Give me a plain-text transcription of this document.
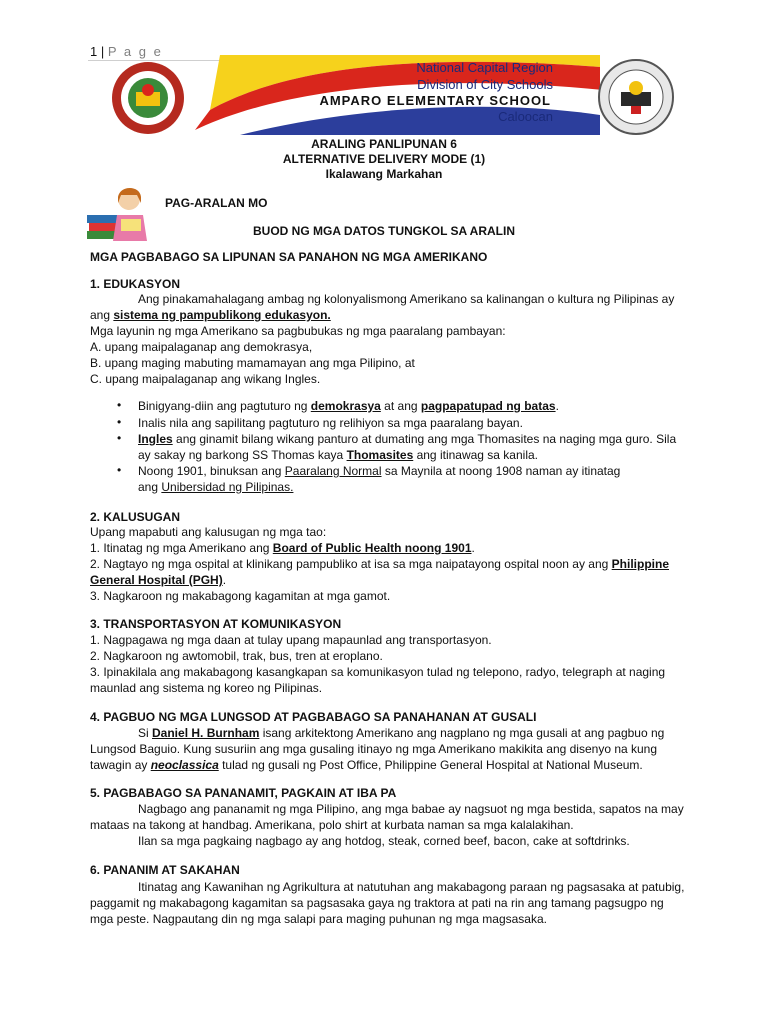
1 | P a g e
National Capital Region
Division of City Schools
AMPARO ELEMENTARY SCHOOL
Caloocan
ARALING PANLIPUNAN 6
ALTERNATIVE DELIVERY MODE (1)
Ikalawang Markahan
PAG-ARALAN MO
BUOD NG MGA DATOS TUNGKOL SA ARALIN
MGA PAGBABAGO SA LIPUNAN SA PANAHON NG MGA AMERIKANO
1. EDUKASYON
Ang pinakamahalagang ambag ng kolonyalismong Amerikano sa kalinangan o kultura ng Pilipinas ay
ang sistema ng pampublikong edukasyon.
Mga layunin ng mga Amerikano sa pagbubukas ng mga paaralang pambayan:
A. upang maipalaganap ang demokrasya,
B. upang maging mabuting mamamayan ang mga Pilipino, at
C. upang maipalaganap ang wikang Ingles.
• Binigyang-diin ang pagtuturo ng demokrasya at ang pagpapatupad ng batas.
• Inalis nila ang sapilitang pagtuturo ng relihiyon sa mga paaralang bayan.
• Ingles ang ginamit bilang wikang panturo at dumating ang mga Thomasites na naging mga guro. Sila
ay sakay ng barkong SS Thomas kaya Thomasites ang itinawag sa kanila.
• Noong 1901, binuksan ang Paaralang Normal sa Maynila at noong 1908 naman ay itinatag
ang Unibersidad ng Pilipinas.
2. KALUSUGAN
Upang mapabuti ang kalusugan ng mga tao:
1. Itinatag ng mga Amerikano ang Board of Public Health noong 1901.
2. Nagtayo ng mga ospital at klinikang pampubliko at isa sa mga naipatayong ospital noon ay ang Philippine
General Hospital (PGH).
3. Nagkaroon ng makabagong kagamitan at mga gamot.
3. TRANSPORTASYON AT KOMUNIKASYON
1. Nagpagawa ng mga daan at tulay upang mapaunlad ang transportasyon.
2. Nagkaroon ng awtomobil, trak, bus, tren at eroplano.
3. Ipinakilala ang makabagong kasangkapan sa komunikasyon tulad ng telepono, radyo, telegraph at naging
maunlad ang sistema ng koreo ng Pilipinas.
4. PAGBUO NG MGA LUNGSOD AT PAGBABAGO SA PANAHANAN AT GUSALI
Si Daniel H. Burnham isang arkitektong Amerikano ang nagplano ng mga gusali at ang pagbuo ng
Lungsod Baguio. Kung susuriin ang mga gusaling itinayo ng mga Amerikano makikita ang disenyo na kung
tawagin ay neoclassica tulad ng gusali ng Post Office, Philippine General Hospital at National Museum.
5. PAGBABAGO SA PANANAMIT, PAGKAIN AT IBA PA
Nagbago ang pananamit ng mga Pilipino, ang mga babae ay nagsuot ng mga bestida, sapatos na may
mataas na takong at handbag. Amerikana, polo shirt at kurbata naman sa mga kalalakihan.
Ilan sa mga pagkaing nagbago ay ang hotdog, steak, corned beef, bacon, cake at softdrinks.
6. PANANIM AT SAKAHAN
Itinatag ang Kawanihan ng Agrikultura at natutuhan ang makabagong paraan ng pagsasaka at patubig,
paggamit ng makabagong kagamitan sa pagsasaka gaya ng traktora at pati na rin ang tamang pagsugpo ng
mga peste. Nagpautang din ng mga salapi para maging puhunan ng mga magsasaka.
